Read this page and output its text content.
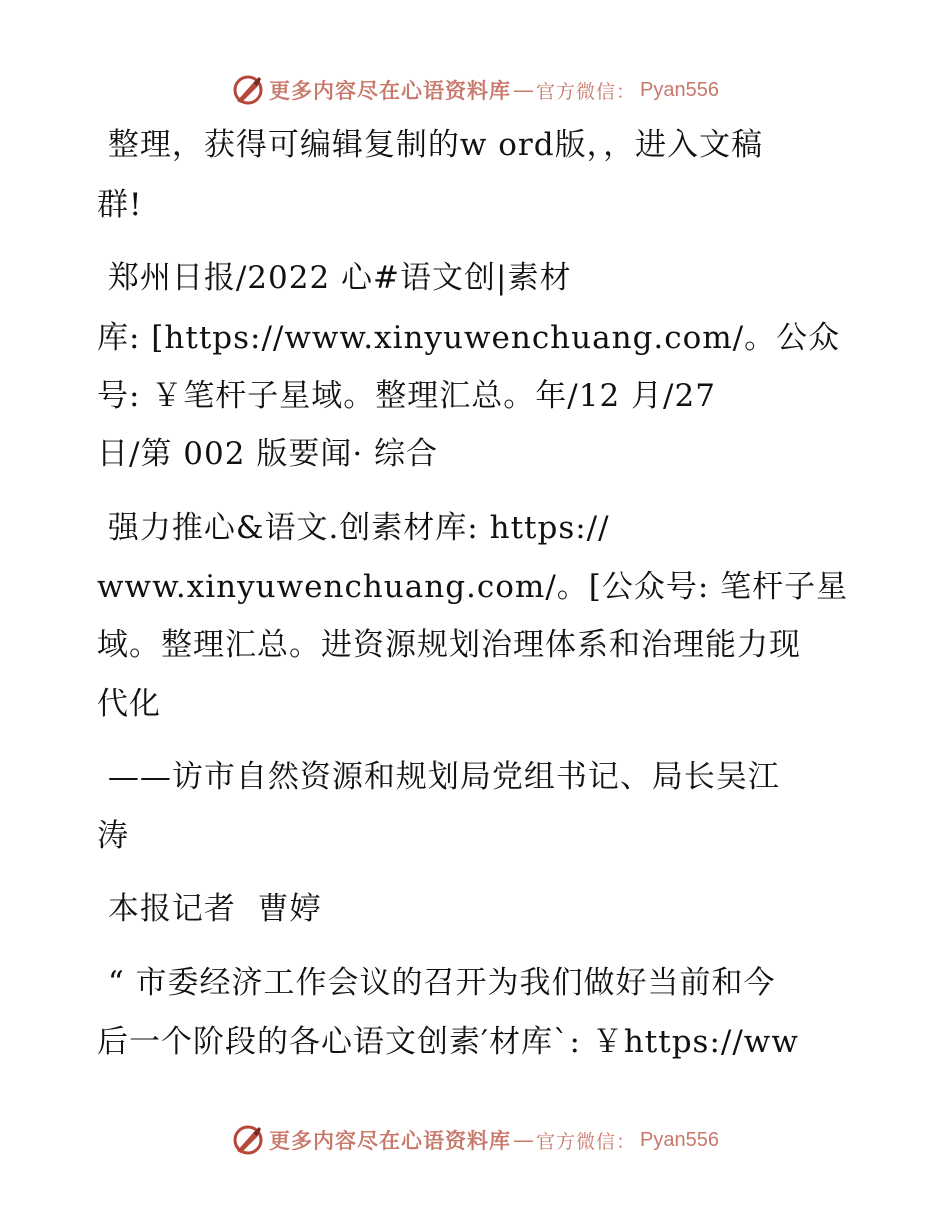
更多内容尽在心语资料库 — 官方微信： Pyan556
整理，获得可编辑复制的w ord版，，进入文稿
群!
郑州日报/2022 心#语文创|素材
库: [https://www.xinyuwenchuang.com/。公众
号: ￥笔杆子星域。整理汇总。年/12 月/27
日/第 002 版要闻· 综合
强力推心&语文.创素材库: https://
www.xinyuwenchuang.com/。[公众号: 笔杆子星
域。整理汇总。进资源规划治理体系和治理能力现
代化
——访市自然资源和规划局党组书记、局长吴江
涛
本报记者  曹婷
“ 市委经济工作会议的召开为我们做好当前和今
后一个阶段的各心语文创素′材库`: ￥https://ww
更多内容尽在心语资料库 — 官方微信： Pyan556
